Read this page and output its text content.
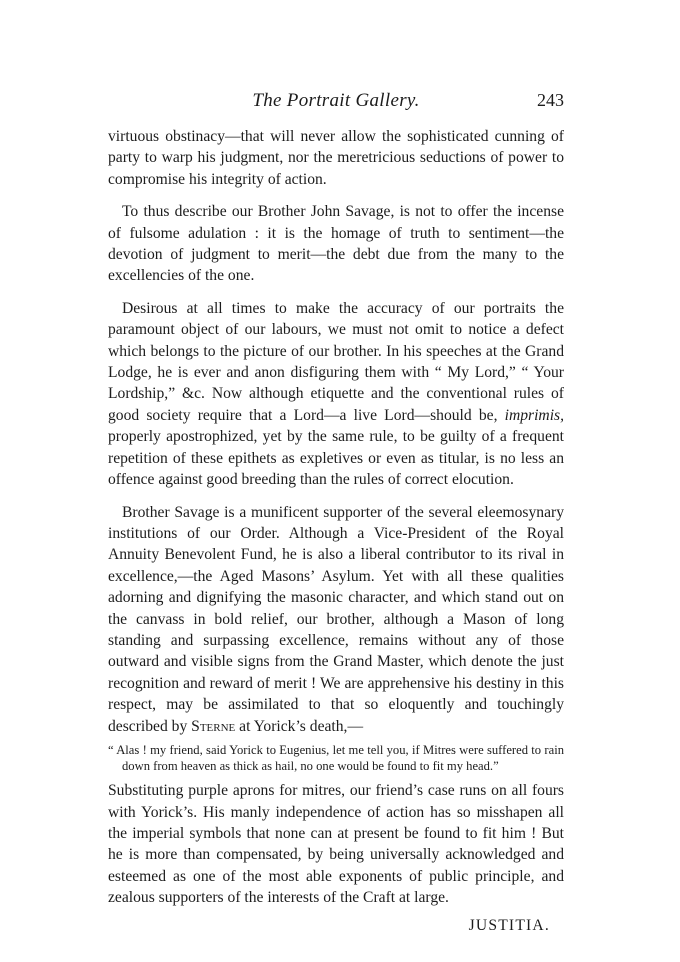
The Portrait Gallery.	243

virtuous obstinacy—that will never allow the sophisticated cunning of party to warp his judgment, nor the meretricious seductions of power to compromise his integrity of action.

To thus describe our Brother John Savage, is not to offer the incense of fulsome adulation : it is the homage of truth to sentiment—the devotion of judgment to merit—the debt due from the many to the excellencies of the one.

Desirous at all times to make the accuracy of our portraits the paramount object of our labours, we must not omit to notice a defect which belongs to the picture of our brother. In his speeches at the Grand Lodge, he is ever and anon disfiguring them with “ My Lord,” “ Your Lordship,” &c. Now although etiquette and the conventional rules of good society require that a Lord—a live Lord—should be, imprimis, properly apostrophized, yet by the same rule, to be guilty of a frequent repetition of these epithets as expletives or even as titular, is no less an offence against good breeding than the rules of correct elocution.

Brother Savage is a munificent supporter of the several eleemosynary institutions of our Order. Although a Vice-President of the Royal Annuity Benevolent Fund, he is also a liberal contributor to its rival in excellence,—the Aged Masons’ Asylum. Yet with all these qualities adorning and dignifying the masonic character, and which stand out on the canvass in bold relief, our brother, although a Mason of long standing and surpassing excellence, remains without any of those outward and visible signs from the Grand Master, which denote the just recognition and reward of merit ! We are apprehensive his destiny in this respect, may be assimilated to that so eloquently and touchingly described by Sterne at Yorick’s death,—

“ Alas ! my friend, said Yorick to Eugenius, let me tell you, if Mitres were suffered to rain down from heaven as thick as hail, no one would be found to fit my head.”

Substituting purple aprons for mitres, our friend’s case runs on all fours with Yorick’s. His manly independence of action has so misshapen all the imperial symbols that none can at present be found to fit him ! But he is more than compensated, by being universally acknowledged and esteemed as one of the most able exponents of public principle, and zealous supporters of the interests of the Craft at large.

JUSTITIA.
